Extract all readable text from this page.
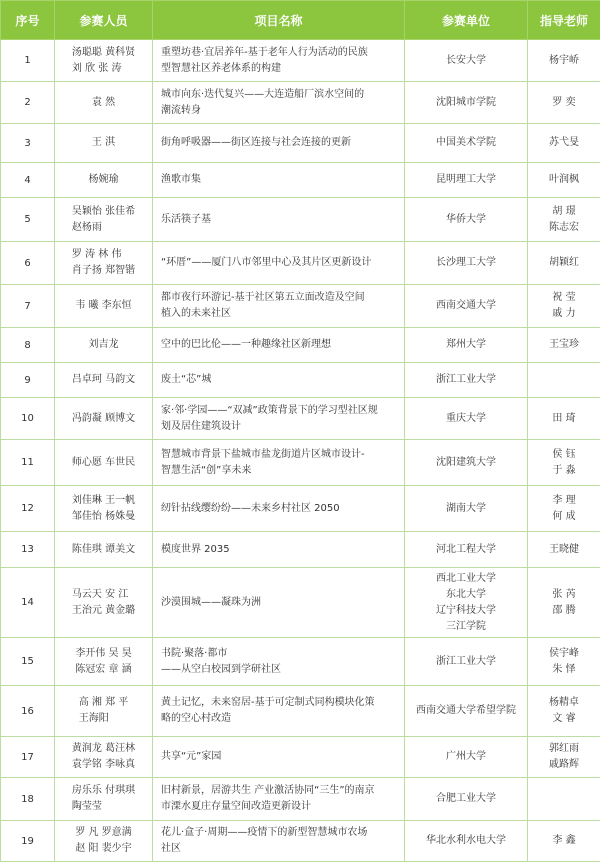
序号	参赛人员	项目名称	参赛单位	指导老师
1	汤聪聪 黄科贤
刘 欣 张 涛	重塑坊巷·宜居养年-基于老年人行为活动的民族
型智慧社区养老体系的构建	长安大学	杨宇峤

2	袁 然	城市向东·迭代复兴——大连造船厂滨水空间的
潮流转身	沈阳城市学院	罗 奕

3	王 淇	街角呼吸器——街区连接与社会连接的更新	中国美术学院	苏弋旻

4	杨婉瑜	渔歌市集	昆明理工大学	叶润枫

5	吴颖怡 张佳希
赵杨雨	乐活筷子基	华侨大学	胡 璟
陈志宏

6	罗 涛 林 伟
肖子扬 郑智锴	“环厝”——厦门八市邻里中心及其片区更新设计	长沙理工大学	胡颖红

7	韦 曦 李东恒	都市夜行环游记-基于社区第五立面改造及空间
植入的未来社区	西南交通大学	祝 莹
戚 力

8	刘吉龙	空中的巴比伦——一种趣缘社区新理想	郑州大学	王宝珍

9	吕卓珂 马韵文	废土“芯”城	浙江工业大学	

10	冯韵凝 顾博文	家·邻·学园——“双减”政策背景下的学习型社区规
划及居住建筑设计	重庆大学	田 琦

11	师心愿 车世民	智慧城市背景下盐城市盐龙街道片区城市设计-
智慧生活“创”享未来	沈阳建筑大学	侯 钰
于 淼

12	刘佳琳 王一帆
邹佳怡 杨姝曼	纫针拈线缨纷纷——未来乡村社区 2050	湖南大学	李 理
何 成

13	陈佳琪 谭美文	模度世界 2035	河北工程大学	王晓健

14	马云天 安 江
王治元 黄金璐	沙漠围城——凝珠为洲	西北工业大学
东北大学
辽宁科技大学
三江学院	张 芮
邵 腾

15	李开伟 吴 昊
陈冠宏 章 涵	书院·聚落·都市
——从空白校园到学研社区	浙江工业大学	侯宇峰
朱 怿

16	高 湘 郑 平
王海阳	黄土记忆，未来窑居-基于可定制式同构模块化策
略的空心村改造	西南交通大学希望学院	杨精卓
文 睿

17	黄润龙 葛汪林
袁学铭 李咏真	共享“元”家园	广州大学	郭红雨
戚路辉

18	房乐乐 付琪琪
陶莹莹	旧村新景，居游共生 产业激活协同“三生”的南京
市溧水夏庄存量空间改造更新设计	合肥工业大学	

19	罗 凡 罗意满
赵 阳 裴少宇	花儿·盒子·周期——疫情下的新型智慧城市农场
社区	华北水利水电大学	李 鑫
